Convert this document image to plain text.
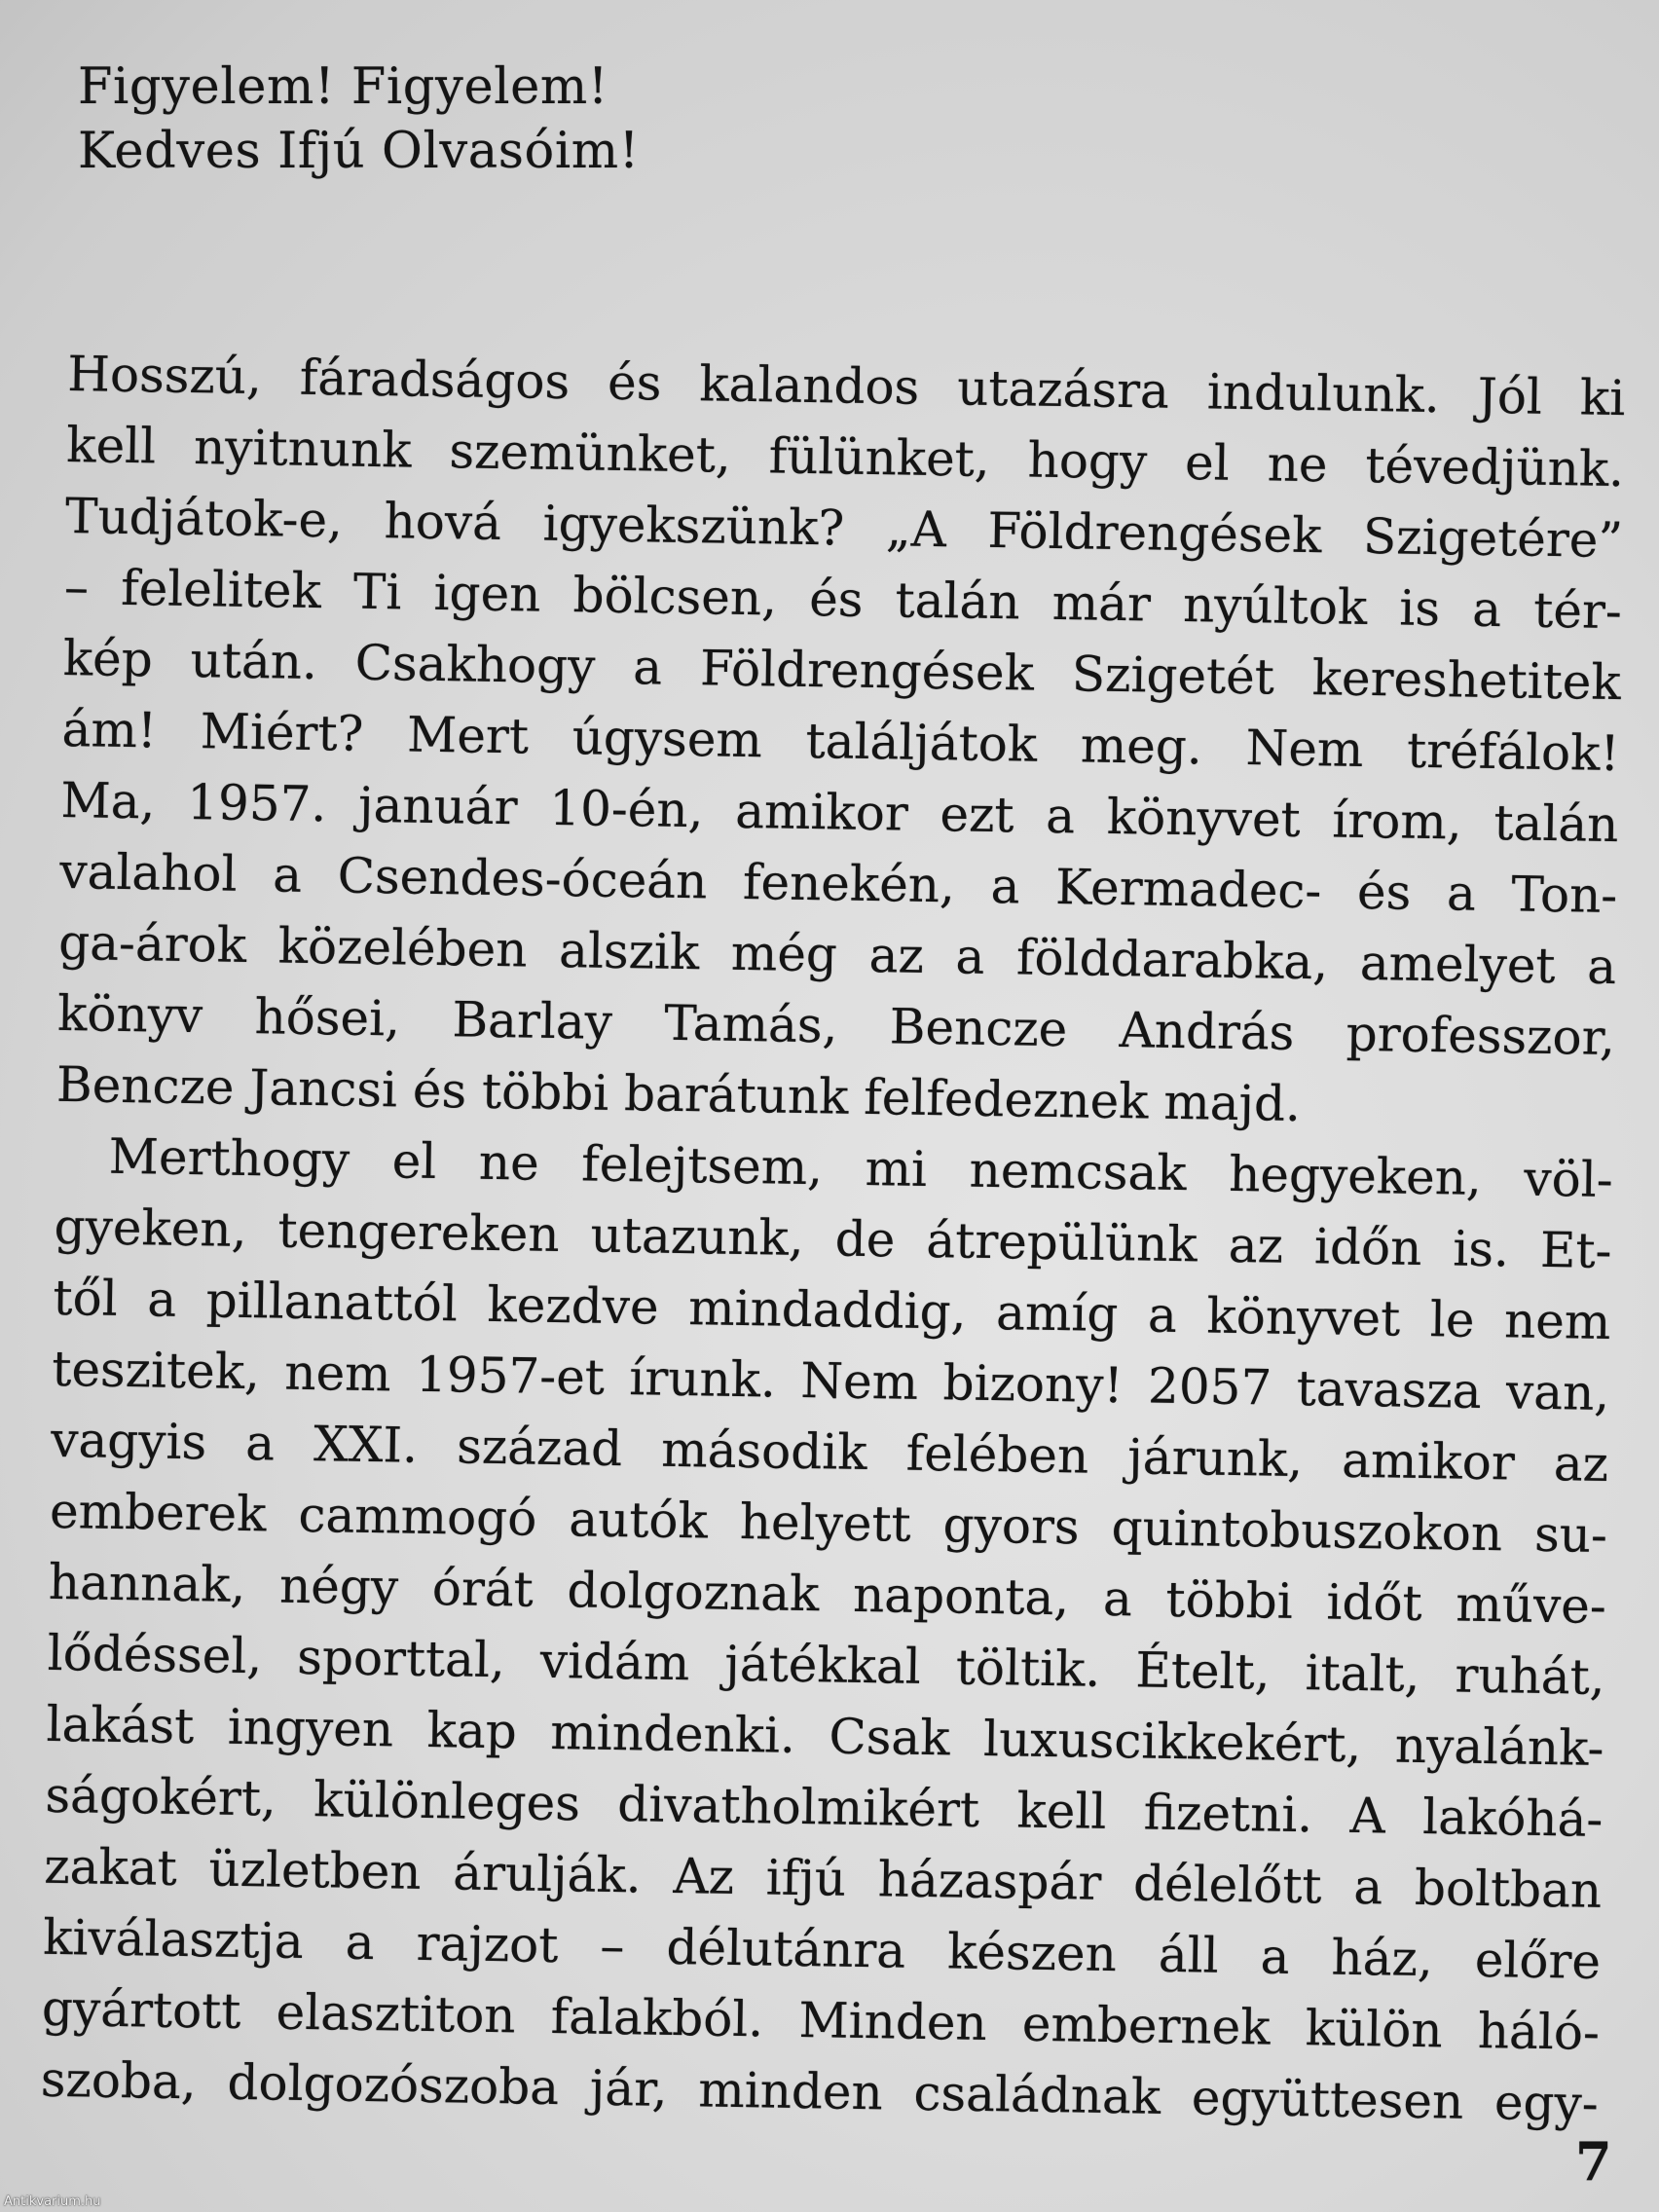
Figyelem! Figyelem!
Kedves Ifjú Olvasóim!
Hosszú, fáradságos és kalandos utazásra indulunk. Jól ki
kell nyitnunk szemünket, fülünket, hogy el ne tévedjünk.
Tudjátok-e, hová igyekszünk? „A Földrengések Szigetére”
– felelitek Ti igen bölcsen, és talán már nyúltok is a tér-
kép után. Csakhogy a Földrengések Szigetét kereshetitek
ám! Miért? Mert úgysem találjátok meg. Nem tréfálok!
Ma, 1957. január 10-én, amikor ezt a könyvet írom, talán
valahol a Csendes-óceán fenekén, a Kermadec- és a Ton-
ga-árok közelében alszik még az a földdarabka, amelyet a
könyv hősei, Barlay Tamás, Bencze András professzor,
Bencze Jancsi és többi barátunk felfedeznek majd.
Merthogy el ne felejtsem, mi nemcsak hegyeken, völ-
gyeken, tengereken utazunk, de átrepülünk az időn is. Et-
től a pillanattól kezdve mindaddig, amíg a könyvet le nem
teszitek, nem 1957-et írunk. Nem bizony! 2057 tavasza van,
vagyis a XXI. század második felében járunk, amikor az
emberek cammogó autók helyett gyors quintobuszokon su-
hannak, négy órát dolgoznak naponta, a többi időt műve-
lődéssel, sporttal, vidám játékkal töltik. Ételt, italt, ruhát,
lakást ingyen kap mindenki. Csak luxuscikkekért, nyalánk-
ságokért, különleges divatholmikért kell fizetni. A lakóhá-
zakat üzletben árulják. Az ifjú házaspár délelőtt a boltban
kiválasztja a rajzot – délutánra készen áll a ház, előre
gyártott elasztiton falakból. Minden embernek külön háló-
szoba, dolgozószoba jár, minden családnak együttesen egy-
7
Antikvarium.hu
